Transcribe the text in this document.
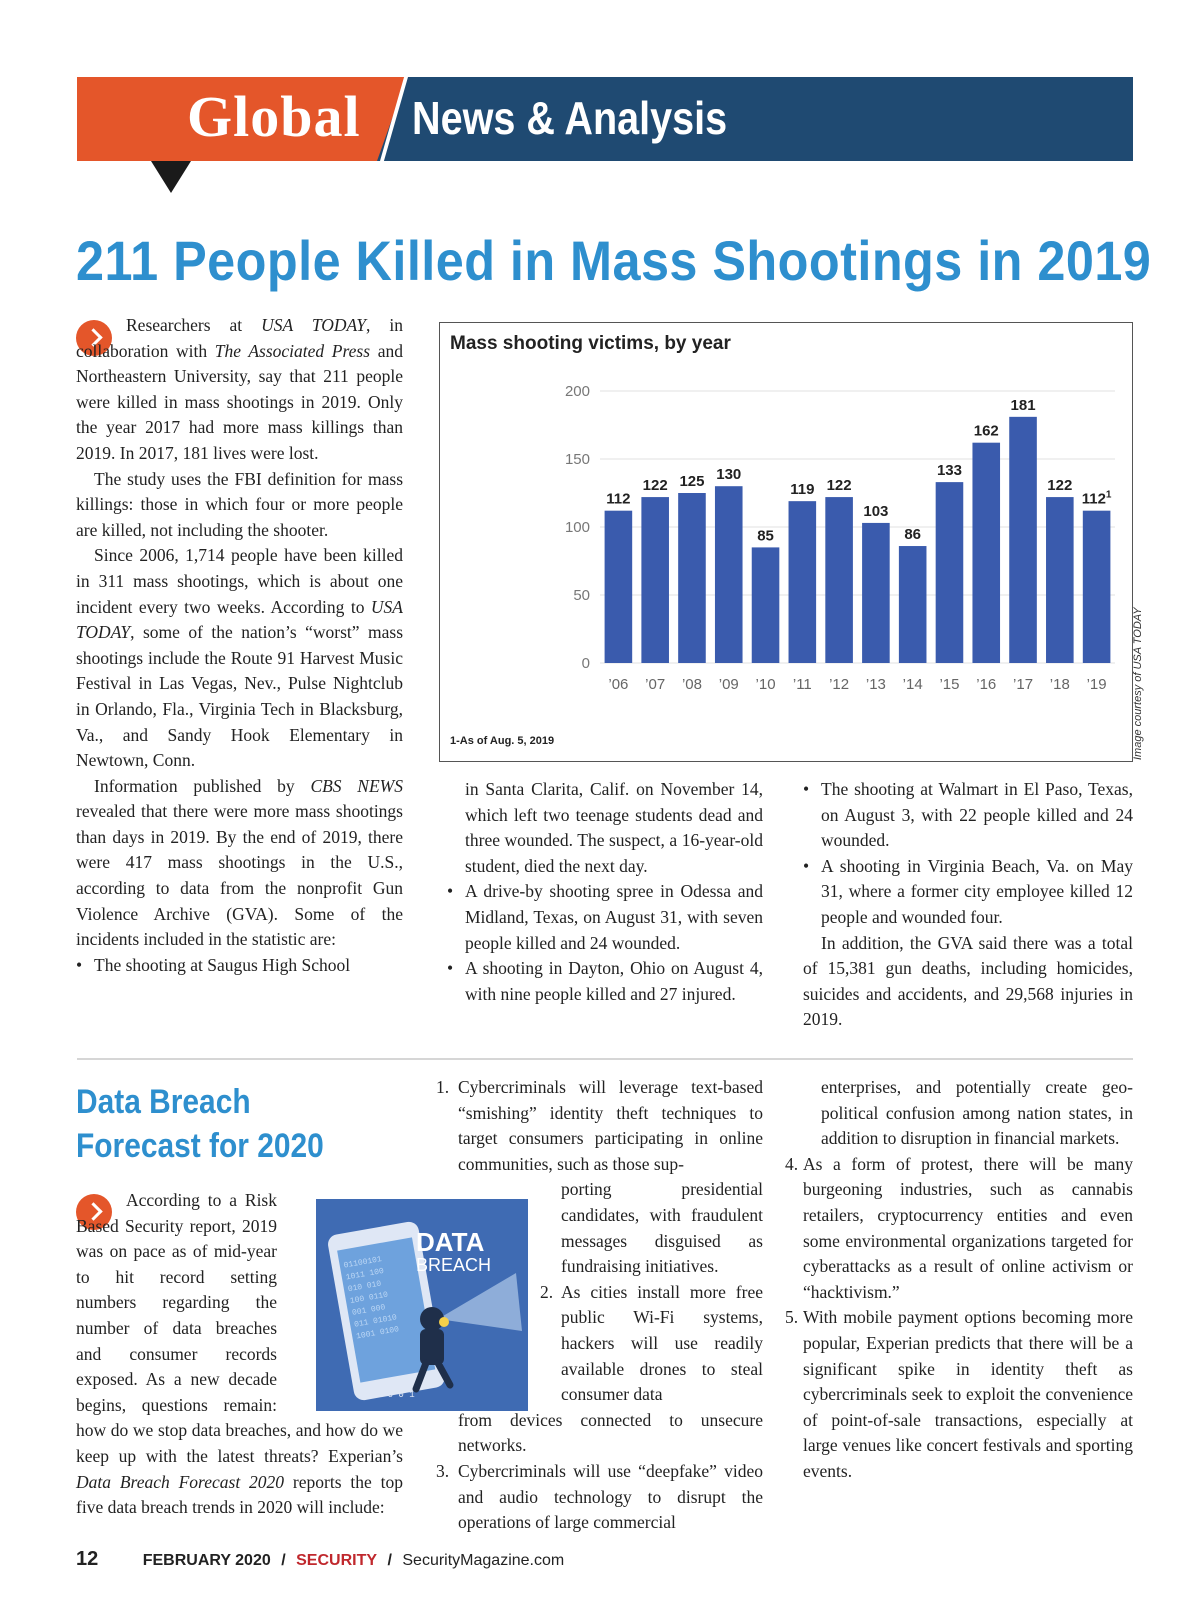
Global News & Analysis
211 People Killed in Mass Shootings in 2019

Researchers at USA TODAY, in collaboration with The Associated Press and Northeastern University, say that 211 people were killed in mass shootings in 2019. Only the year 2017 had more mass killings than 2019. In 2017, 181 lives were lost.

The study uses the FBI definition for mass killings: those in which four or more people are killed, not including the shooter.

Since 2006, 1,714 people have been killed in 311 mass shootings, which is about one incident every two weeks. According to USA TODAY, some of the nation’s “worst” mass shootings include the Route 91 Harvest Music Festival in Las Vegas, Nev., Pulse Nightclub in Orlando, Fla., Virginia Tech in Blacksburg, Va., and Sandy Hook Elementary in Newtown, Conn.

Information published by CBS NEWS revealed that there were more mass shootings than days in 2019. By the end of 2019, there were 417 mass shootings in the U.S., according to data from the nonprofit Gun Violence Archive (GVA). Some of the incidents included in the statistic are:

• The shooting at Saugus High School
Mass shooting victims, by year
0
50
100
150
200
112
’06
122
’07
125
’08
130
’09
85
’10
119
’11
122
’12
103
’13
86
’14
133
’15
162
’16
181
’17
122
’18
$112^1$
’19
1-As of Aug. 5, 2019	Image courtesy of USA TODAY

in Santa Clarita, Calif. on November 14, which left two teenage students dead and three wounded. The suspect, a 16-year-old student, died the next day.

• A drive-by shooting spree in Odessa and Midland, Texas, on August 31, with seven people killed and 24 wounded.
• A shooting in Dayton, Ohio on August 4, with nine people killed and 27 injured.
• The shooting at Walmart in El Paso, Texas, on August 3, with 22 people killed and 24 wounded.
• A shooting in Virginia Beach, Va. on May 31, where a former city employee killed 12 people and wounded four.

In addition, the GVA said there was a total of 15,381 gun deaths, including homicides, suicides and accidents, and 29,568 injuries in 2019.

Data Breach
Forecast for 2020

According to a Risk Based Security report, 2019 was on pace as of mid-year to hit record setting numbers regarding the number of data breaches and consumer records exposed. As a new decade begins, questions remain: how do we stop data breaches, and how do we keep up with the latest threats? Experian’s Data Breach Forecast 2020 reports the top five data breach trends in 2020 will include:

01100101
1011 100
010 010
100 0110
001 000
011 01010
1001 0100
0 1 0 0 1
DATA
BREACH
1. Cybercriminals will leverage text-based “smishing” identity theft techniques to target consumers participating in online communities, such as those sup-
porting presidential candidates, with fraudulent messages disguised as fundraising initiatives.
2. As cities install more free public Wi-Fi systems, hackers will use readily available drones to steal consumer data
from devices connected to unsecure networks.
3. Cybercriminals will use “deepfake” video and audio technology to disrupt the operations of large commercial

enterprises, and potentially create geo-political confusion among nation states, in addition to disruption in financial markets.

4. As a form of protest, there will be many burgeoning industries, such as cannabis retailers, cryptocurrency entities and even some environmental organizations targeted for cyberattacks as a result of online activism or “hacktivism.”
5. With mobile payment options becoming more popular, Experian predicts that there will be a significant spike in identity theft as cybercriminals seek to exploit the convenience of point-of-sale transactions, especially at large venues like concert festivals and sporting events.
12	FEBRUARY 2020 / SECURITY / SecurityMagazine.com
